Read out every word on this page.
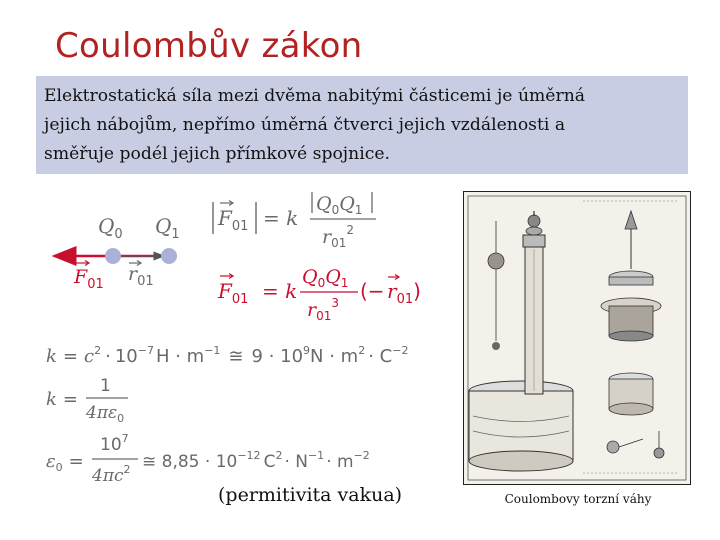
Coulombův zákon
Elektrostatická síla mezi dvěma nabitými částicemi je úměrná
jejich nábojům, nepřímo úměrná čtverci jejich vzdálenosti a
směřuje podél jejich přímkové spojnice.
$Q_0$ $Q_1$
$F_{01}$ $r_{01}$
$F_{01} = k$
$Q_0Q_1$
$r_{01}^2$
$F_{01} = k$
$Q_0Q_1$
$r_{01}^3$ (− $r_{01}$)
$k = c^2 \cdot 10^{-7}$ $H \cdot m^{-1}$ ≅ $9 \cdot 10^9N \cdot m^2 \cdot C^{-2}$
k =
1
$4\pi\varepsilon_0$
$\varepsilon_0$ =
$10^7$
$4\pi c^2$ ≅ $8,85 \cdot 10^{-12}$ $C^2 \cdot N^{-1} \cdot m^{-2}$
(permitivita vakua)	Coulombovy torzní váhy
